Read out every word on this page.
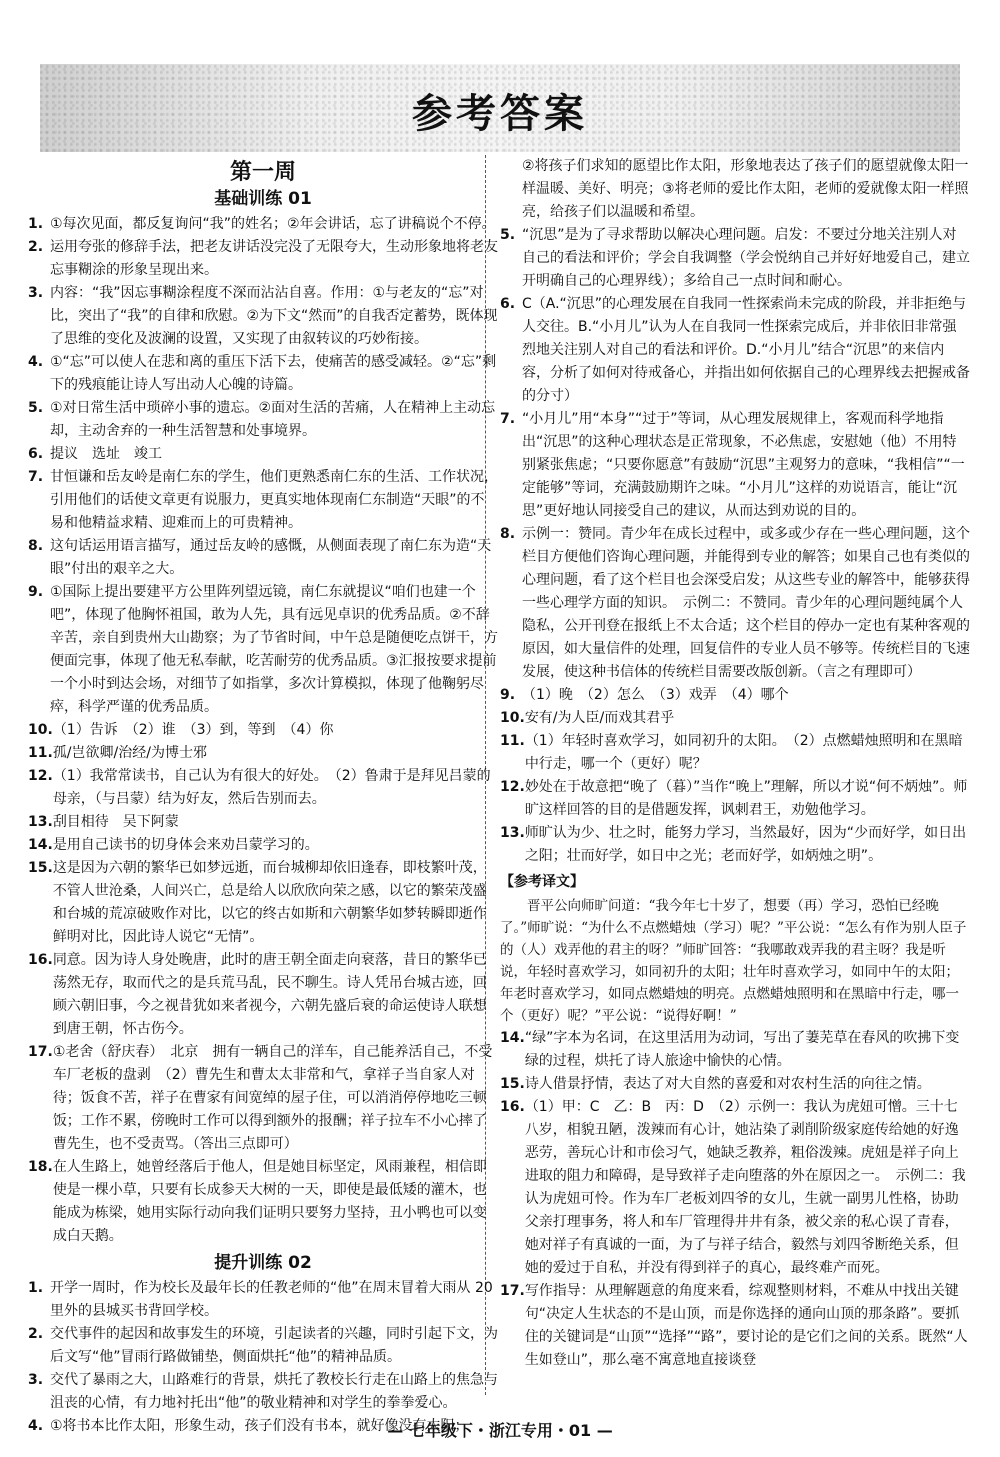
参考答案
第一周
基础训练 01
1. ①每次见面，都反复询问“我”的姓名；②年会讲话，忘了讲稿说个不停。
2. 运用夸张的修辞手法，把老友讲话没完没了无限夸大，生动形象地将老友忘事糊涂的形象呈现出来。
3. 内容：“我”因忘事糊涂程度不深而沾沾自喜。作用：①与老友的“忘”对比，突出了“我”的自律和欣慰。②为下文“然而”的自我否定蓄势，既体现了思维的变化及波澜的设置，又实现了由叙转议的巧妙衔接。
4. ①“忘”可以使人在悲和离的重压下活下去，使痛苦的感受减轻。②“忘”剩下的残痕能让诗人写出动人心魄的诗篇。
5. ①对日常生活中琐碎小事的遗忘。②面对生活的苦痛，人在精神上主动忘却，主动舍弃的一种生活智慧和处事境界。
6. 提议　选址　竣工
7. 甘恒谦和岳友岭是南仁东的学生，他们更熟悉南仁东的生活、工作状况，引用他们的话使文章更有说服力，更真实地体现南仁东制造“天眼”的不易和他精益求精、迎难而上的可贵精神。
8. 这句话运用语言描写，通过岳友岭的感慨，从侧面表现了南仁东为造“天眼”付出的艰辛之大。
9. ①国际上提出要建平方公里阵列望远镜，南仁东就提议“咱们也建一个吧”，体现了他胸怀祖国，敢为人先，具有远见卓识的优秀品质。②不辞辛苦，亲自到贵州大山勘察；为了节省时间，中午总是随便吃点饼干，方便面完事，体现了他无私奉献，吃苦耐劳的优秀品质。③汇报按要求提前一个小时到达会场，对细节了如指掌，多次计算模拟，体现了他鞠躬尽瘁，科学严谨的优秀品质。
10. （1）告诉　（2）谁　（3）到，等到　（4）你
11. 孤/岂欲卿/治经/为博士邪
12. （1）我常常读书，自己认为有很大的好处。　（2）鲁肃于是拜见吕蒙的母亲，（与吕蒙）结为好友，然后告别而去。
13. 刮目相待　吴下阿蒙
14. 是用自己读书的切身体会来劝吕蒙学习的。
15. 这是因为六朝的繁华已如梦远逝，而台城柳却依旧逢春，即枝繁叶茂，不管人世沧桑，人间兴亡，总是给人以欣欣向荣之感，以它的繁荣茂盛和台城的荒凉破败作对比，以它的终古如斯和六朝繁华如梦转瞬即逝作鲜明对比，因此诗人说它“无情”。
16. 同意。因为诗人身处晚唐，此时的唐王朝全面走向衰落，昔日的繁华已荡然无存，取而代之的是兵荒马乱，民不聊生。诗人凭吊台城古迹，回顾六朝旧事，今之视昔犹如来者视今，六朝先盛后衰的命运使诗人联想到唐王朝，怀古伤今。
17. ①老舍（舒庆春）　北京　拥有一辆自己的洋车，自己能养活自己，不受车厂老板的盘剥　（2）曹先生和曹太太非常和气，拿祥子当自家人对待；饭食不苦，祥子在曹家有间宽绰的屋子住，可以消消停停地吃三顿饭；工作不累，傍晚时工作可以得到额外的报酬；祥子拉车不小心摔了曹先生，也不受责骂。（答出三点即可）
18. 在人生路上，她曾经落后于他人，但是她目标坚定，风雨兼程，相信即使是一棵小草，只要有长成参天大树的一天，即使是最低矮的灌木，也能成为栋梁，她用实际行动向我们证明只要努力坚持，丑小鸭也可以变成白天鹅。
提升训练 02
1. 开学一周时，作为校长及最年长的任教老师的“他”在周末冒着大雨从 20 里外的县城买书背回学校。
2. 交代事件的起因和故事发生的环境，引起读者的兴趣，同时引起下文，为后文写“他”冒雨行路做铺垫，侧面烘托“他”的精神品质。
3. 交代了暴雨之大，山路难行的背景，烘托了教校长行走在山路上的焦急与沮丧的心情，有力地衬托出“他”的敬业精神和对学生的拳拳爱心。
4. ①将书本比作太阳，形象生动，孩子们没有书本，就好像没有太阳；
②将孩子们求知的愿望比作太阳，形象地表达了孩子们的愿望就像太阳一样温暖、美好、明亮；③将老师的爱比作太阳，老师的爱就像太阳一样照亮，给孩子们以温暖和希望。
5. “沉思”是为了寻求帮助以解决心理问题。启发：不要过分地关注别人对自己的看法和评价；学会自我调整（学会悦纳自己并好好地爱自己，建立开明确自己的心理界线）；多给自己一点时间和耐心。
6. C（A.“沉思”的心理发展在自我同一性探索尚未完成的阶段，并非拒绝与人交往。B.“小月儿”认为人在自我同一性探索完成后，并非依旧非常强烈地关注别人对自己的看法和评价。D.“小月儿”结合“沉思”的来信内容，分析了如何对待戒备心，并指出如何依据自己的心理界线去把握戒备的分寸）
7. “小月儿”用“本身”“过于”等词，从心理发展规律上，客观而科学地指出“沉思”的这种心理状态是正常现象，不必焦虑，安慰她（他）不用特别紧张焦虑；“只要你愿意”有鼓励“沉思”主观努力的意味，“我相信”“一定能够”等词，充满鼓励期许之味。“小月儿”这样的劝说语言，能让“沉思”更好地认同接受自己的建议，从而达到劝说的目的。
8. 示例一：赞同。青少年在成长过程中，或多或少存在一些心理问题，这个栏目方便他们咨询心理问题，并能得到专业的解答；如果自己也有类似的心理问题，看了这个栏目也会深受启发；从这些专业的解答中，能够获得一些心理学方面的知识。　示例二：不赞同。青少年的心理问题纯属个人隐私，公开刊登在报纸上不太合适；这个栏目的停办一定也有某种客观的原因，如大量信件的处理，回复信件的专业人员不够等。传统栏目的飞速发展，使这种书信体的传统栏目需要改版创新。（言之有理即可）
9. （1）晚　（2）怎么　（3）戏弄　（4）哪个
10. 安有/为人臣/而戏其君乎
11. （1）年轻时喜欢学习，如同初升的太阳。　（2）点燃蜡烛照明和在黑暗中行走，哪一个（更好）呢？
12. 妙处在于故意把“晚了（暮）”当作“晚上”理解，所以才说“何不炳烛”。师旷这样回答的目的是借题发挥，讽刺君王，劝勉他学习。
13. 师旷认为少、壮之时，能努力学习，当然最好，因为“少而好学，如日出之阳；壮而好学，如日中之光；老而好学，如炳烛之明”。
【参考译文】
晋平公向师旷问道：“我今年七十岁了，想要（再）学习，恐怕已经晚了。”师旷说：“为什么不点燃蜡烛（学习）呢？”平公说：“怎么有作为别人臣子的（人）戏弄他的君主的呀？”师旷回答：“我哪敢戏弄我的君主呀？我是听说，年轻时喜欢学习，如同初升的太阳；壮年时喜欢学习，如同中午的太阳；年老时喜欢学习，如同点燃蜡烛的明亮。点燃蜡烛照明和在黑暗中行走，哪一个（更好）呢？”平公说：“说得好啊！”
14. “绿”字本为名词，在这里活用为动词，写出了萋芜草在春风的吹拂下变绿的过程，烘托了诗人旅途中愉快的心情。
15. 诗人借景抒情，表达了对大自然的喜爱和对农村生活的向往之情。
16. （1）甲：C　乙：B　丙：D　（2）示例一：我认为虎妞可憎。三十七八岁，相貌丑陋，泼辣而有心计，她沾染了剥削阶级家庭传给她的好逸恶劳，善玩心计和市侩习气，她缺乏教养，粗俗泼辣。虎妞是祥子向上进取的阻力和障碍，是导致祥子走向堕落的外在原因之一。　示例二：我认为虎妞可怜。作为车厂老板刘四爷的女儿，生就一副男儿性格，协助父亲打理事务，将人和车厂管理得井井有条，被父亲的私心误了青春，她对祥子有真诚的一面，为了与祥子结合，毅然与刘四爷断绝关系，但她的爱过于自私，并没有得到祥子的真心，最终难产而死。
17. 写作指导：从理解题意的角度来看，综观整则材料，不难从中找出关键句“决定人生状态的不是山顶，而是你选择的通向山顶的那条路”。要抓住的关键词是“山顶”“选择”“路”，要讨论的是它们之间的关系。既然“人生如登山”，那么毫不寓意地直接谈登
— 七年级下・浙江专用・01 —
